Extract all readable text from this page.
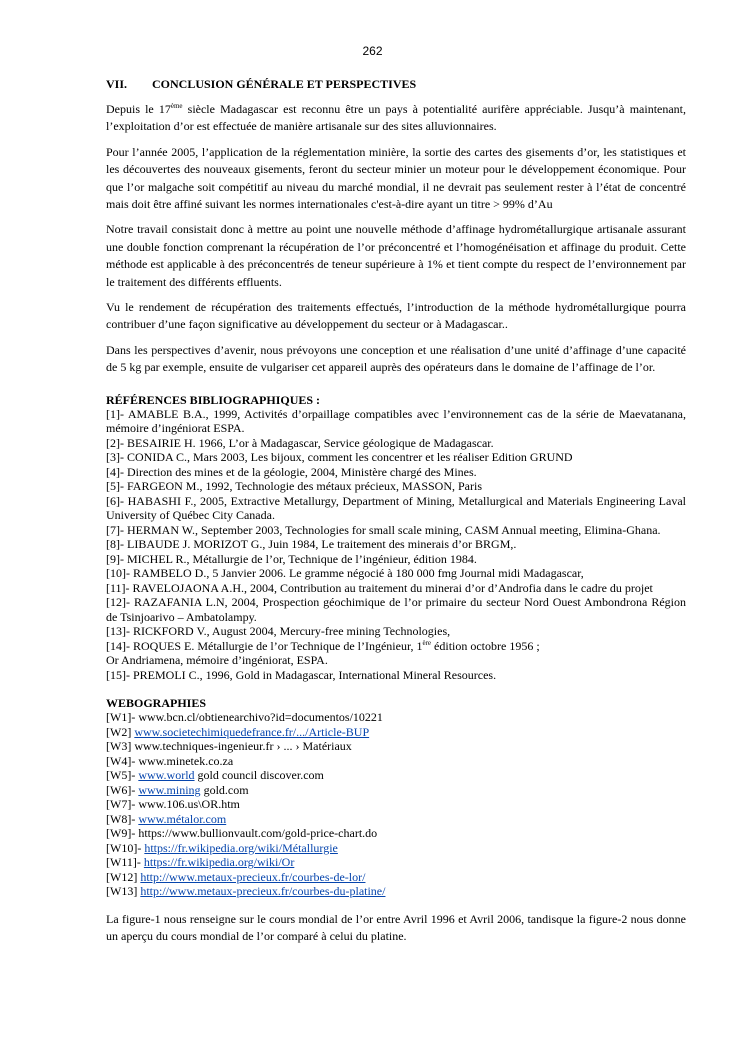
262
VII.	CONCLUSION GÉNÉRALE ET PERSPECTIVES

Depuis le 17ème siècle Madagascar est reconnu être un pays à potentialité aurifère appréciable. Jusqu’à maintenant, l’exploitation d’or est effectuée de manière artisanale sur des sites alluvionnaires.

Pour l’année 2005, l’application de la réglementation minière, la sortie des cartes des gisements d’or, les statistiques et les découvertes des nouveaux gisements, feront du secteur minier un moteur pour le développement économique. Pour que l’or malgache soit compétitif au niveau du marché mondial, il ne devrait pas seulement rester à l’état de concentré mais doit être affiné suivant les normes internationales c'est-à-dire ayant un titre > 99% d’Au

Notre travail consistait donc à mettre au point une nouvelle méthode d’affinage hydrométallurgique artisanale assurant une double fonction comprenant la récupération de l’or préconcentré et l’homogénéisation et affinage du produit. Cette méthode est applicable à des préconcentrés de teneur supérieure à 1% et tient compte du respect de l’environnement par le traitement des différents effluents.

Vu le rendement de récupération des traitements effectués, l’introduction de la méthode hydrométallurgique pourra contribuer d’une façon significative au développement du secteur or à Madagascar..

Dans les perspectives d’avenir, nous prévoyons une conception et une réalisation d’une unité d’affinage d’une capacité de 5 kg par exemple, ensuite de vulgariser cet appareil auprès des opérateurs dans le domaine de l’affinage de l’or.

RÉFÉRENCES BIBLIOGRAPHIQUES :

[1]- AMABLE B.A., 1999, Activités d’orpaillage compatibles avec l’environnement cas de la série de Maevatanana, mémoire d’ingéniorat ESPA.

[2]- BESAIRIE H. 1966, L’or à Madagascar, Service géologique de Madagascar.

[3]- CONIDA C., Mars 2003, Les bijoux, comment les concentrer et les réaliser Edition GRUND

[4]- Direction des mines et de la géologie, 2004, Ministère chargé des Mines.

[5]- FARGEON M., 1992, Technologie des métaux précieux, MASSON, Paris

[6]- HABASHI F., 2005, Extractive Metallurgy, Department of Mining, Metallurgical and Materials Engineering Laval University of Québec City Canada.

[7]- HERMAN W., September 2003, Technologies for small scale mining, CASM Annual meeting, Elimina-Ghana.

[8]- LIBAUDE J. MORIZOT G., Juin 1984, Le traitement des minerais d’or BRGM,.

[9]- MICHEL R., Métallurgie de l’or, Technique de l’ingénieur, édition 1984.

[10]- RAMBELO D., 5 Janvier 2006. Le gramme négocié à 180 000 fmg Journal midi Madagascar,

[11]- RAVELOJAONA A.H., 2004, Contribution au traitement du minerai d’or d’Androfia dans le cadre du projet

[12]- RAZAFANIA L.N, 2004, Prospection géochimique de l’or primaire du secteur Nord Ouest Ambondrona Région de Tsinjoarivo – Ambatolampy.

[13]- RICKFORD V., August 2004, Mercury-free mining Technologies,

[14]- ROQUES E. Métallurgie de l’or Technique de l’Ingénieur, 1ère édition octobre 1956 ;

Or Andriamena, mémoire d’ingéniorat, ESPA.

[15]- PREMOLI C., 1996, Gold in Madagascar, International Mineral Resources.

WEBOGRAPHIES

[W1]- www.bcn.cl/obtienearchivo?id=documentos/10221

[W2] www.societechimiquedefrance.fr/.../Article-BUP

[W3] www.techniques-ingenieur.fr › ... › Matériaux

[W4]- www.minetek.co.za

[W5]- www.world gold council discover.com

[W6]- www.mining gold.com

[W7]- www.106.us\OR.htm

[W8]- www.métalor.com

[W9]- https://www.bullionvault.com/gold-price-chart.do

[W10]- https://fr.wikipedia.org/wiki/Métallurgie

[W11]- https://fr.wikipedia.org/wiki/Or

[W12] http://www.metaux-precieux.fr/courbes-de-lor/

[W13] http://www.metaux-precieux.fr/courbes-du-platine/

La figure-1 nous renseigne sur le cours mondial de l’or entre Avril 1996 et Avril 2006, tandisque la figure-2 nous donne un aperçu du cours mondial de l’or comparé à celui du platine.
